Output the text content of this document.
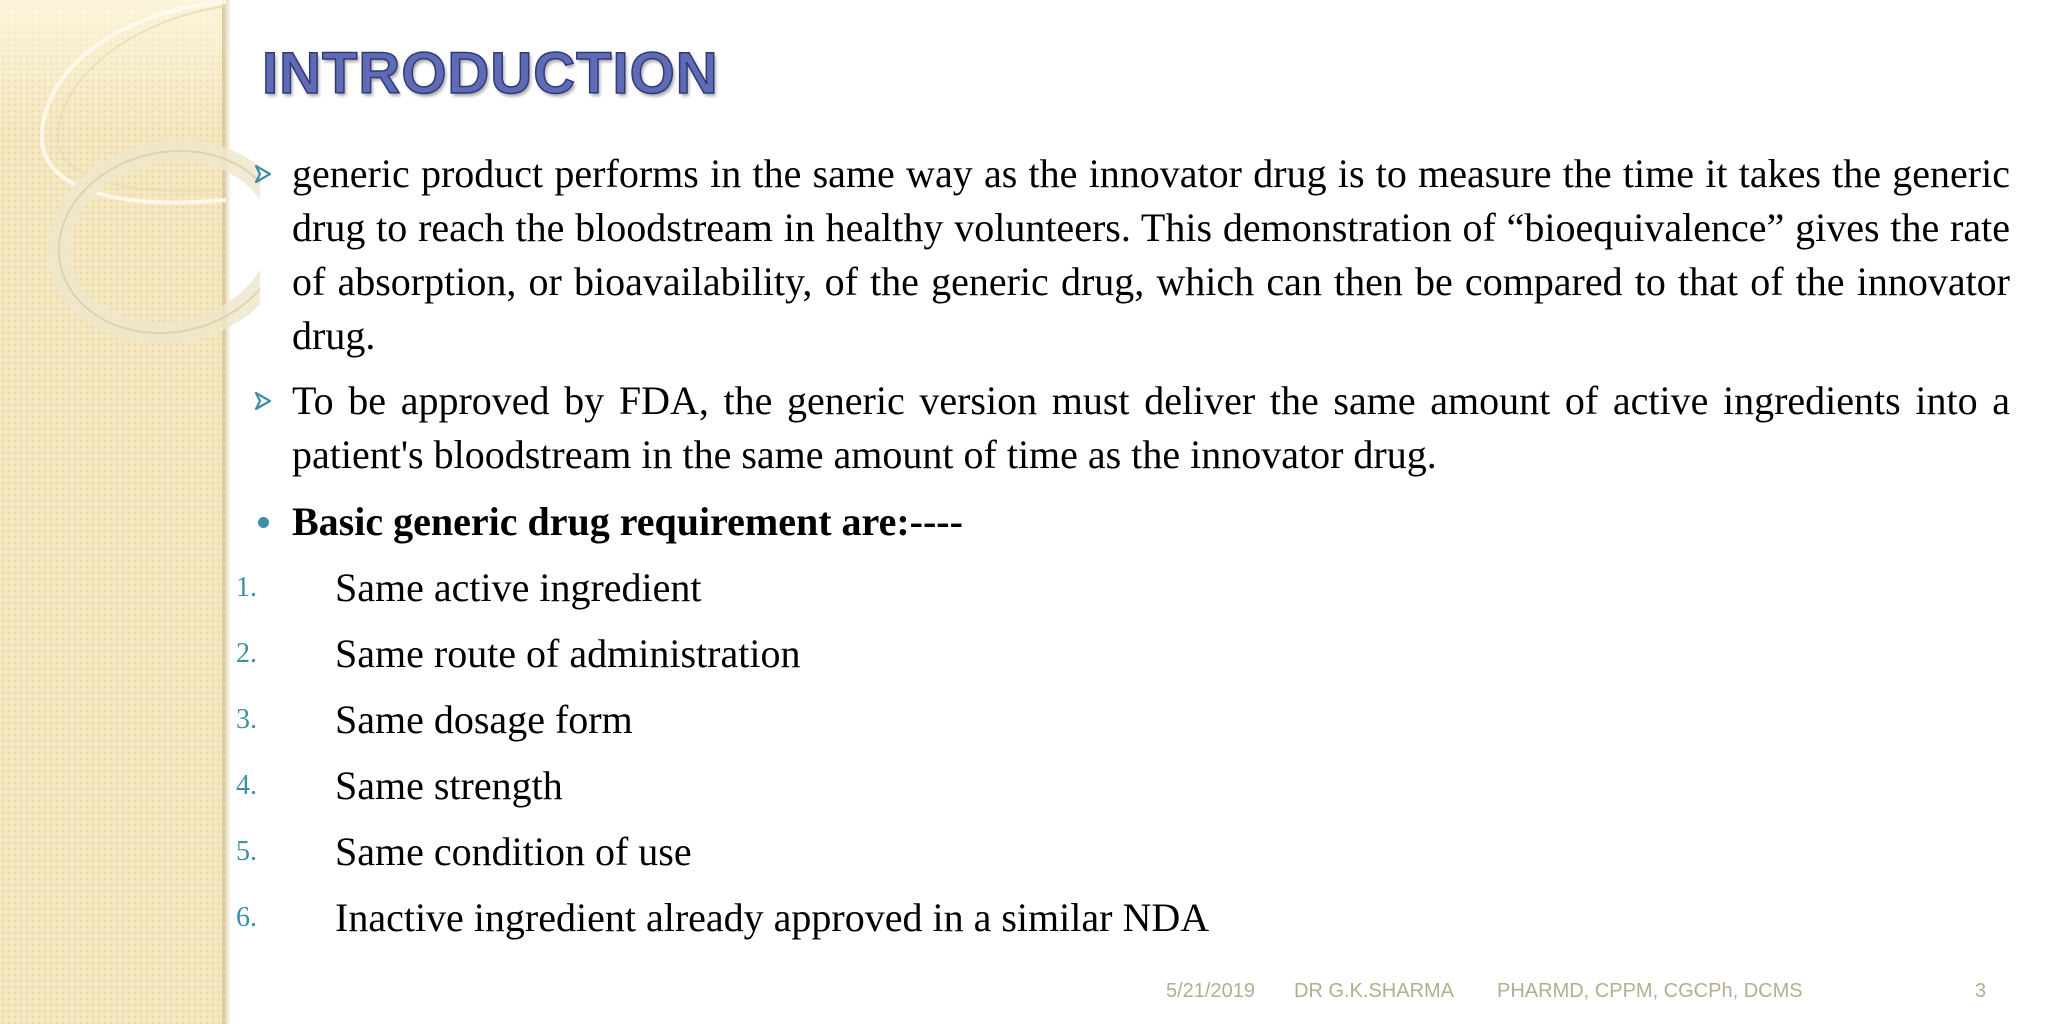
INTRODUCTION
generic product performs in the same way as the innovator drug is to measure the time it takes the generic drug to reach the bloodstream in healthy volunteers. This demonstration of “bioequivalence” gives the rate of absorption, or bioavailability, of the generic drug, which can then be compared to that of the innovator drug.
To be approved by FDA, the generic version must deliver the same amount of active ingredients into a patient's bloodstream in the same amount of time as the innovator drug.
Basic generic drug requirement are:----
1.	Same active ingredient
2.	Same route of administration
3.	Same dosage form
4.	Same strength
5.	Same condition of use
6.	Inactive ingredient already approved in a similar NDA
5/21/2019 DR G.K.SHARMA PHARMD, CPPM, CGCPh, DCMS	3
